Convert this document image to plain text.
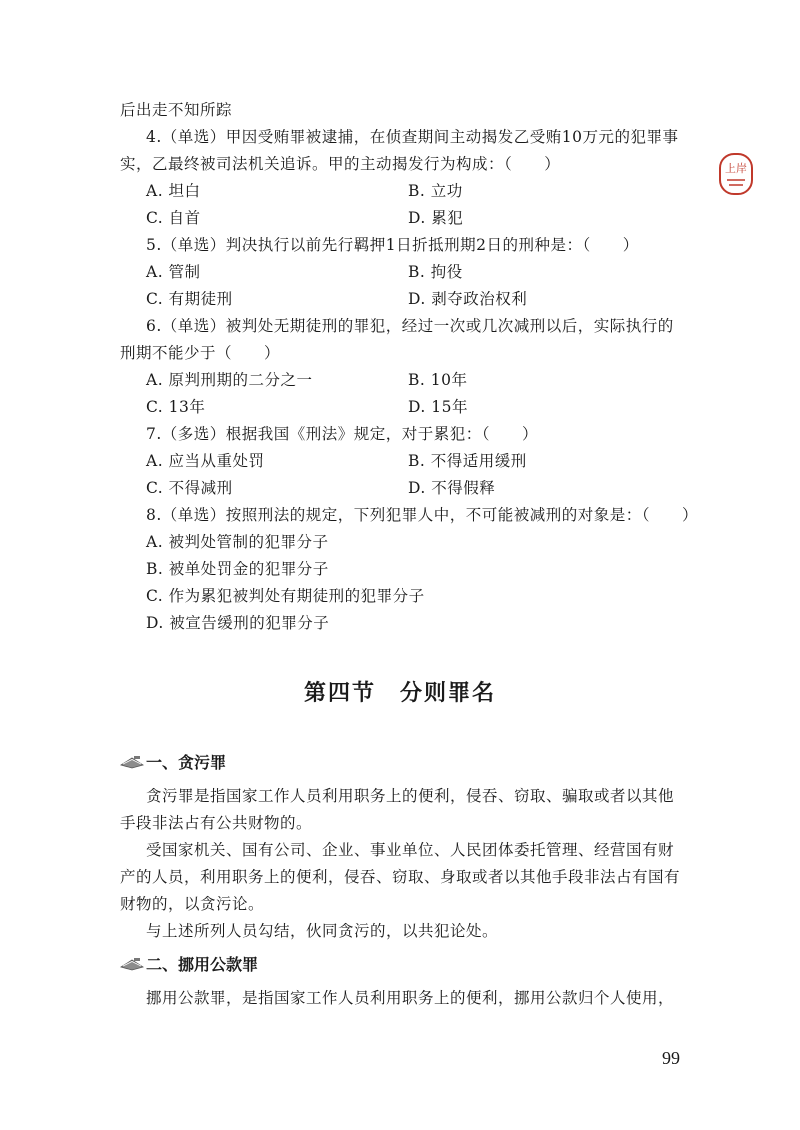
上岸
后出走不知所踪
4.（单选）甲因受贿罪被逮捕，在侦查期间主动揭发乙受贿10万元的犯罪事
实，乙最终被司法机关追诉。甲的主动揭发行为构成：（　　）
A. 坦白	B. 立功
C. 自首	D. 累犯
5.（单选）判决执行以前先行羁押1日折抵刑期2日的刑种是：（　　）
A. 管制	B. 拘役
C. 有期徒刑	D. 剥夺政治权利
6.（单选）被判处无期徒刑的罪犯，经过一次或几次减刑以后，实际执行的
刑期不能少于（　　）
A. 原判刑期的二分之一	B. 10年
C. 13年	D. 15年
7.（多选）根据我国《刑法》规定，对于累犯：（　　）
A. 应当从重处罚	B. 不得适用缓刑
C. 不得减刑	D. 不得假释
8.（单选）按照刑法的规定，下列犯罪人中，不可能被减刑的对象是：（　　）
A. 被判处管制的犯罪分子
B. 被单处罚金的犯罪分子
C. 作为累犯被判处有期徒刑的犯罪分子
D. 被宣告缓刑的犯罪分子
第四节　分则罪名
一、贪污罪
贪污罪是指国家工作人员利用职务上的便利，侵吞、窃取、骗取或者以其他
手段非法占有公共财物的。
受国家机关、国有公司、企业、事业单位、人民团体委托管理、经营国有财
产的人员，利用职务上的便利，侵吞、窃取、身取或者以其他手段非法占有国有
财物的，以贪污论。
与上述所列人员勾结，伙同贪污的，以共犯论处。
二、挪用公款罪
挪用公款罪，是指国家工作人员利用职务上的便利，挪用公款归个人使用，
99
